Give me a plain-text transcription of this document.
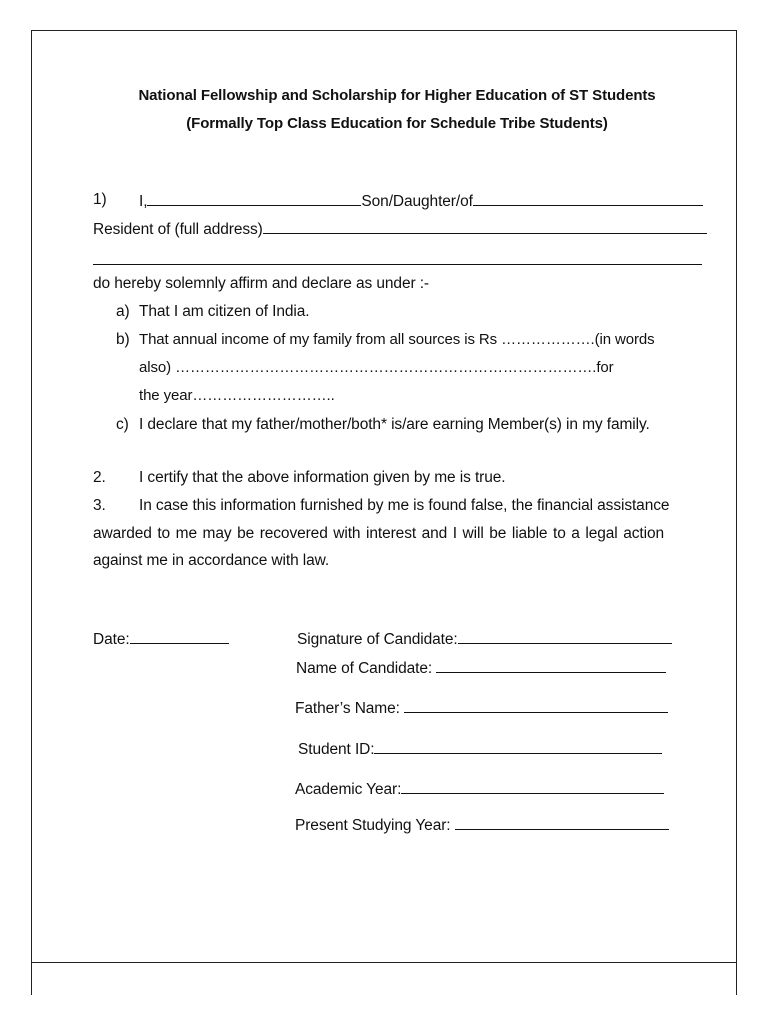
National Fellowship and Scholarship for Higher Education of ST Students
(Formally Top Class Education for Schedule Tribe Students)
1) I,	Son/Daughter/of
Resident of (full address)
do hereby solemnly affirm and declare as under :-
a) That I am citizen of India.
b) That annual income of my family from all sources is Rs ……………….(in words
also) ………………………………………………………………………….for
the year………………………..
c) I declare that my father/mother/both* is/are earning Member(s) in my family.
2. I certify that the above information given by me is true.
3. In case this information furnished by me is found false, the financial assistance
awarded to me may be recovered with interest and I will be liable to a legal action
against me in accordance with law.
Date:	Signature of Candidate:
Name of Candidate:
Father’s Name:
Student ID:
Academic Year:
Present Studying Year:
